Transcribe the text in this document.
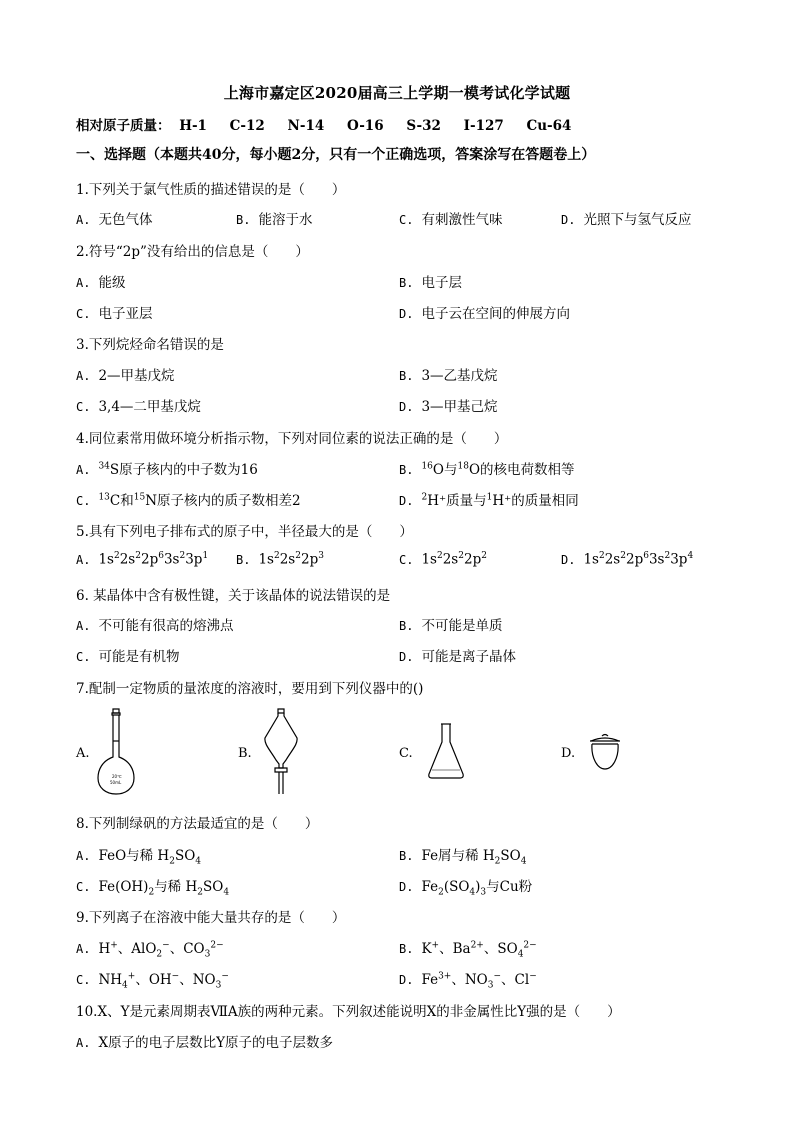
上海市嘉定区2020届高三上学期一模考试化学试题
相对原子质量： H-1 C-12 N-14 O-16 S-32 I-127 Cu-64
一、选择题（本题共40分，每小题2分，只有一个正确选项，答案涂写在答题卷上）
1.下列关于氯气性质的描述错误的是（　　）
A. 无色气体	B. 能溶于水	C. 有刺激性气味	D. 光照下与氢气反应
2.符号“2p”没有给出的信息是（　　）
A. 能级	B. 电子层
C. 电子亚层	D. 电子云在空间的伸展方向
3.下列烷烃命名错误的是
A. 2—甲基戊烷	B. 3—乙基戊烷
C. 3,4—二甲基戊烷	D. 3—甲基己烷
4.同位素常用做环境分析指示物，下列对同位素的说法正确的是（　　）
A. $^{34}$S原子核内的中子数为16	B. $^{16}$O与$^{18}$O的核电荷数相等
C. $^{13}$C和$^{15}$N原子核内的质子数相差2	D. $^2$H⁺质量与$^1$H⁺的质量相同
5.具有下列电子排布式的原子中，半径最大的是（　　）
A. $1s^22s^22p^63s^23p^1$ B. $1s^22s^22p^3$	C. $1s^22s^22p^2$	D. $1s^22s^22p^63s^23p^4$
6. 某晶体中含有极性键，关于该晶体的说法错误的是
A. 不可能有很高的熔沸点	B. 不可能是单质
C. 可能是有机物	D. 可能是离子晶体
7.配制一定物质的量浓度的溶液时，要用到下列仪器中的()
A.
20℃
50mL
B.	C.	D.
8.下列制绿矾的方法最适宜的是（　　）
A. FeO与稀 $H_2SO_4$	B. Fe屑与稀 $H_2SO_4$
C. $Fe(OH)_2$与稀 $H_2SO_4$	D. $Fe_2(SO_4)_3$与Cu粉
9.下列离子在溶液中能大量共存的是（　　）
A. H+、AlO$_2$−、$CO_3^{2-}$	B. K+、$Ba^{2+}$、$SO_4^{2-}$
C. $NH_4^+$、OH−、$NO_3^-$	D. $Fe^{3+}$、$NO_3^-$、Cl−
10.X、Y是元素周期表ⅦA族的两种元素。下列叙述能说明X的非金属性比Y强的是（　　）
A. X原子的电子层数比Y原子的电子层数多
